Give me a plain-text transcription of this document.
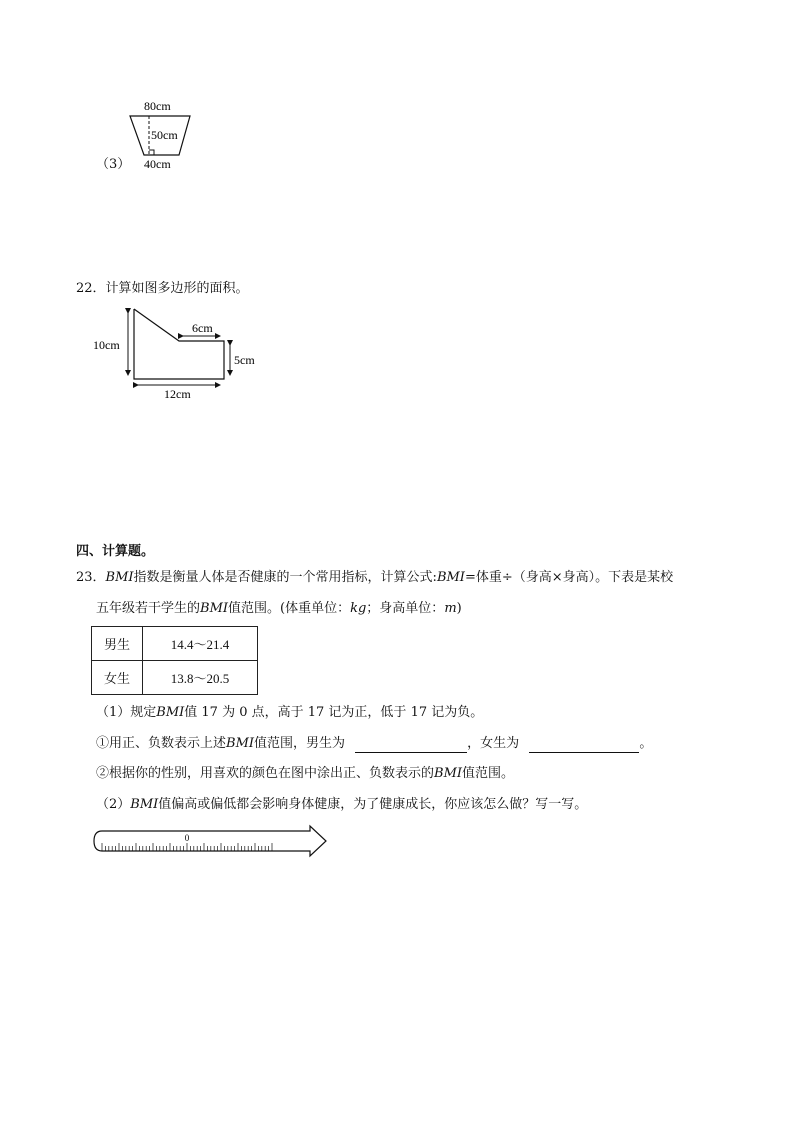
（3）
80cm
50cm
40cm
22．计算如图多边形的面积。
10cm
6cm
5cm
12cm
四、计算题。
23．BMI指数是衡量人体是否健康的一个常用指标，计算公式:BMI=体重÷（身高×身高）。下表是某校
五年级若干学生的BMI值范围。(体重单位：kg；身高单位：m)
男生	14.4～21.4
女生	13.8～20.5
（1）规定BMI值 17 为 0 点，高于 17 记为正，低于 17 记为负。
①用正、负数表示上述BMI值范围，男生为	，女生为	。
②根据你的性别，用喜欢的颜色在图中涂出正、负数表示的BMI值范围。
（2）BMI值偏高或偏低都会影响身体健康，为了健康成长，你应该怎么做？写一写。
0
